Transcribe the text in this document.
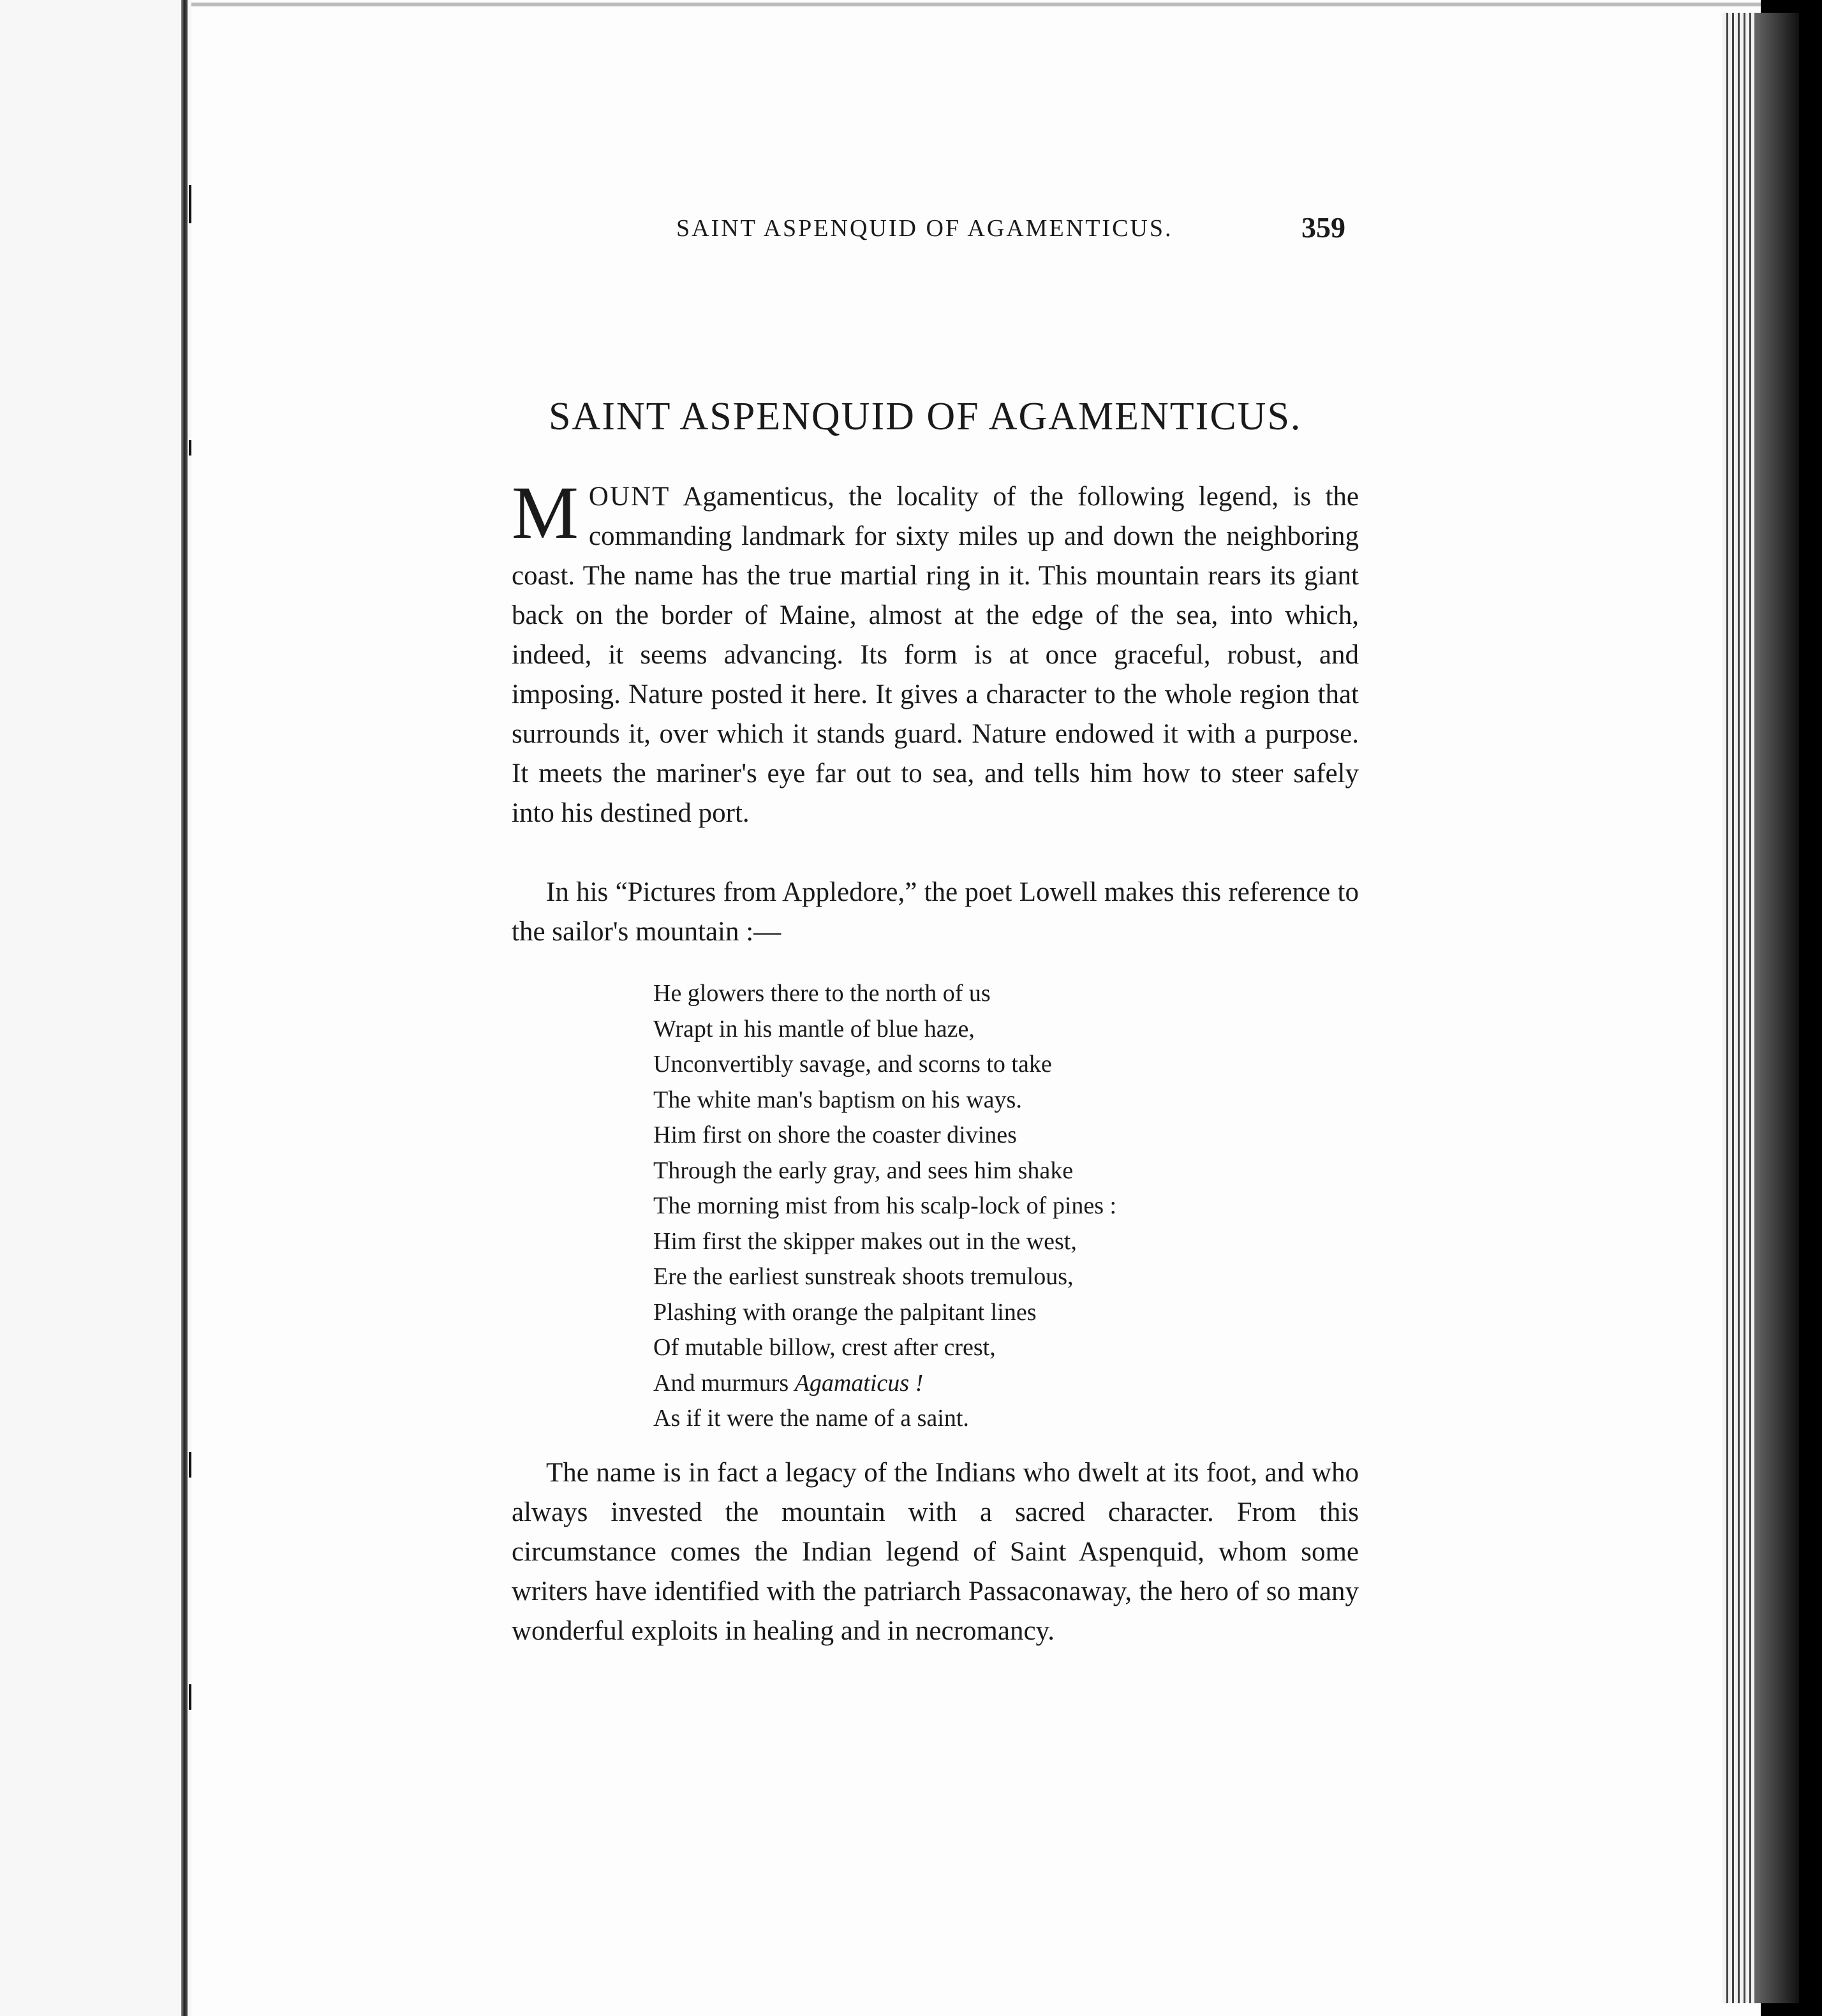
SAINT ASPENQUID OF AGAMENTICUS.	359
SAINT ASPENQUID OF AGAMENTICUS.

MOUNT Agamenticus, the locality of the following legend, is the commanding landmark for sixty miles up and down the neighboring coast. The name has the true martial ring in it. This mountain rears its giant back on the border of Maine, almost at the edge of the sea, into which, indeed, it seems advancing. Its form is at once graceful, robust, and imposing. Nature posted it here. It gives a character to the whole region that surrounds it, over which it stands guard. Nature endowed it with a purpose. It meets the mariner's eye far out to sea, and tells him how to steer safely into his destined port.

In his “Pictures from Appledore,” the poet Lowell makes this reference to the sailor's mountain :—

He glowers there to the north of us
Wrapt in his mantle of blue haze,
Unconvertibly savage, and scorns to take
The white man's baptism on his ways.
Him first on shore the coaster divines
Through the early gray, and sees him shake
The morning mist from his scalp-lock of pines :
Him first the skipper makes out in the west,
Ere the earliest sunstreak shoots tremulous,
Plashing with orange the palpitant lines
Of mutable billow, crest after crest,
And murmurs Agamaticus !
As if it were the name of a saint.

The name is in fact a legacy of the Indians who dwelt at its foot, and who always invested the mountain with a sacred character. From this circumstance comes the Indian legend of Saint Aspenquid, whom some writers have identified with the patriarch Passaconaway, the hero of so many wonderful exploits in healing and in necromancy.
